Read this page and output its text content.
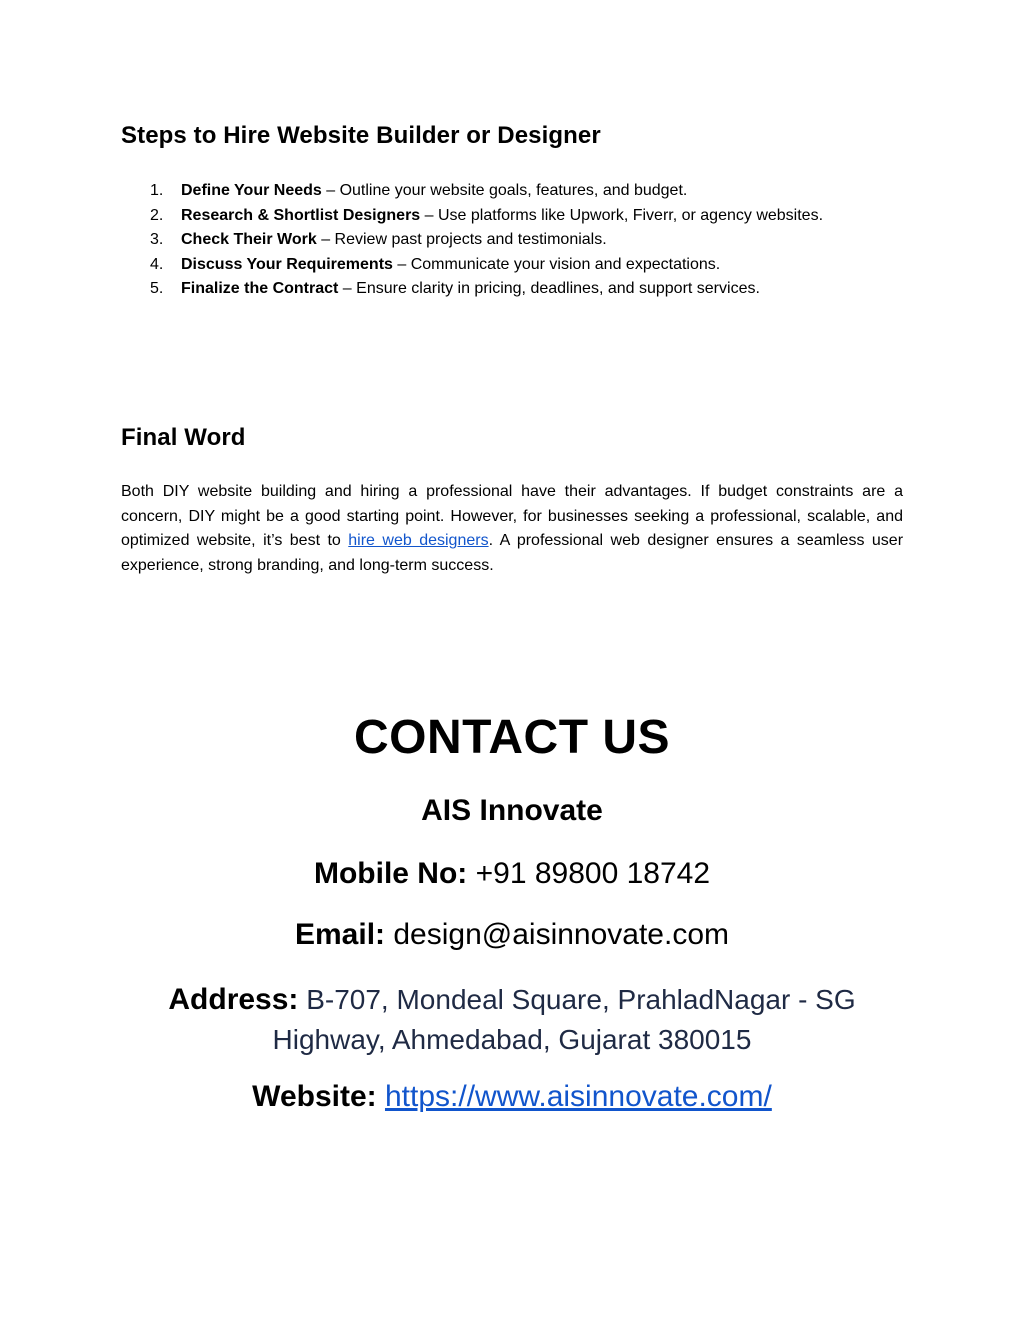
Steps to Hire Website Builder or Designer
1. Define Your Needs – Outline your website goals, features, and budget.
2. Research & Shortlist Designers – Use platforms like Upwork, Fiverr, or agency websites.
3. Check Their Work – Review past projects and testimonials.
4. Discuss Your Requirements – Communicate your vision and expectations.
5. Finalize the Contract – Ensure clarity in pricing, deadlines, and support services.
Final Word

Both DIY website building and hiring a professional have their advantages. If budget constraints are a concern, DIY might be a good starting point. However, for businesses seeking a professional, scalable, and optimized website, it’s best to hire web designers. A professional web designer ensures a seamless user experience, strong branding, and long-term success.

CONTACT US
AIS Innovate
Mobile No: +91 89800 18742
Email: design@aisinnovate.com
Address: B-707, Mondeal Square, PrahladNagar - SG Highway, Ahmedabad, Gujarat 380015
Website: https://www.aisinnovate.com/
